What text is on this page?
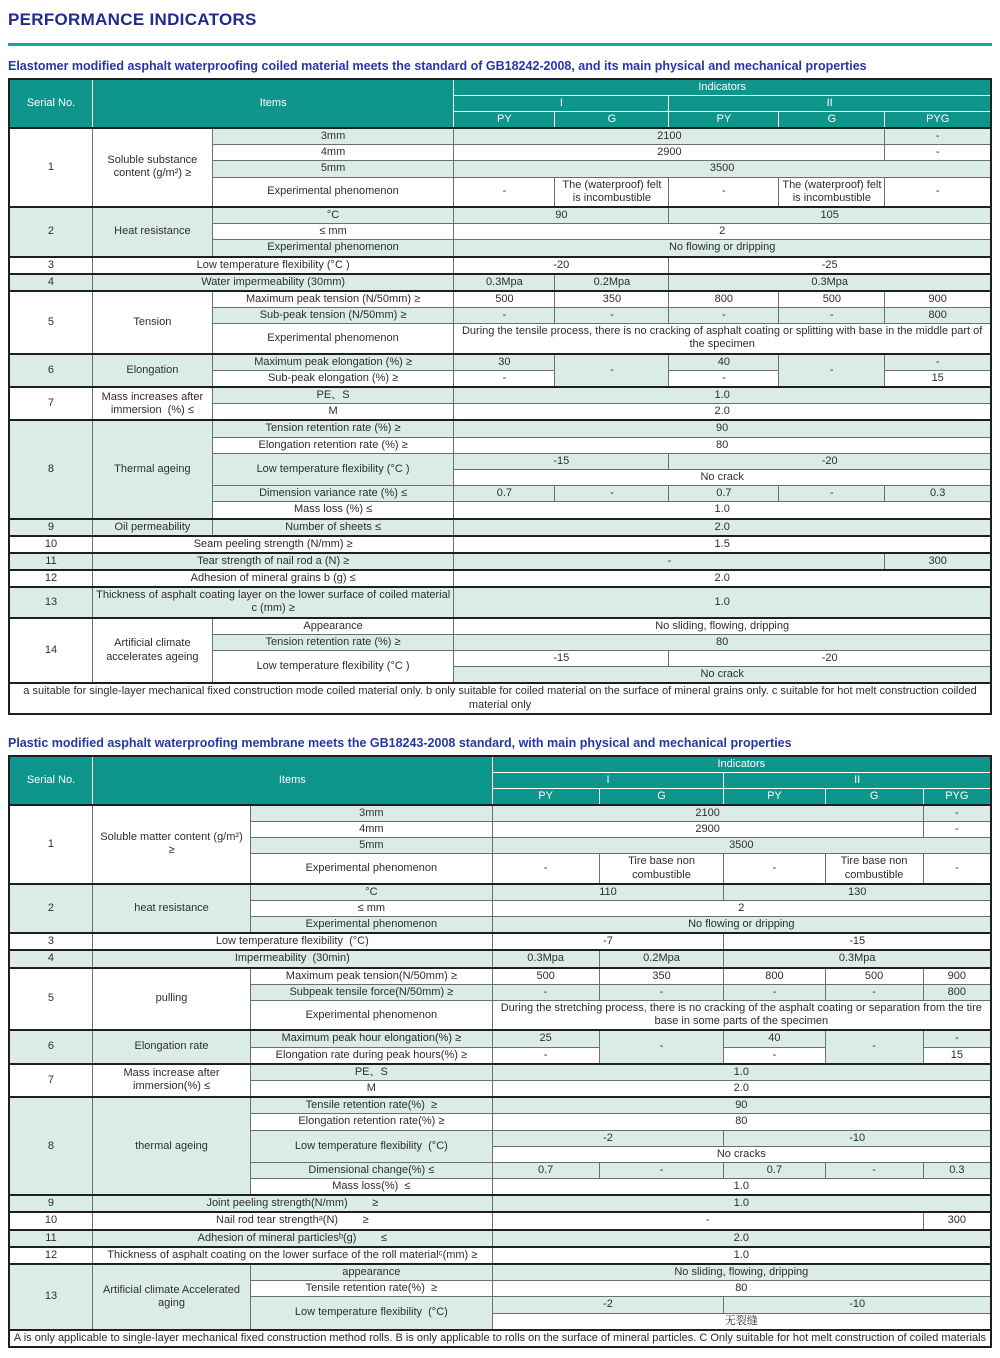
PERFORMANCE INDICATORS

Elastomer modified asphalt waterproofing coiled material meets the standard of GB18242-2008, and its main physical and mechanical properties

Serial No.	Items		Indicators				
			I		II		
			PY	G	PY	G	PYG
1	Soluble substance content (g/m²) ≥	3mm	2100				-
		4mm	2900				-
		5mm	3500				
		Experimental phenomenon	-	The (waterproof) felt is incombustible	-	The (waterproof) felt is incombustible	-
2	Heat resistance	°C	90		105		
		≤ mm	2				
		Experimental phenomenon	No flowing or dripping				
3	Low temperature flexibility (°C )		-20		-25		
4	Water impermeability (30mm)		0.3Mpa	0.2Mpa	0.3Mpa		
5	Tension	Maximum peak tension (N/50mm) ≥	500	350	800	500	900
		Sub-peak tension (N/50mm) ≥	-	-	-	-	800
		Experimental phenomenon	During the tensile process, there is no cracking of asphalt coating or splitting with base in the middle part of the specimen				
6	Elongation	Maximum peak elongation (%) ≥	30	-	40	-	-
		Sub-peak elongation (%) ≥	-		-		15
7	Mass increases after immersion  (%) ≤	PE、S	1.0				
		M	2.0				
8	Thermal ageing	Tension retention rate (%) ≥	90				
		Elongation retention rate (%) ≥	80				
		Low temperature flexibility (°C )	-15		-20		
			No crack				
		Dimension variance rate (%) ≤	0.7	-	0.7	-	0.3
		Mass loss (%) ≤	1.0				
9	Oil permeability	Number of sheets ≤	2.0				
10	Seam peeling strength (N/mm) ≥		1.5				
11	Tear strength of nail rod a (N) ≥		-				300
12	Adhesion of mineral grains b (g) ≤		2.0				
13	Thickness of asphalt coating layer on the lower surface of coiled material c (mm) ≥		1.0				
14	Artificial climate accelerates ageing	Appearance	No sliding, flowing, dripping				
		Tension retention rate (%) ≥	80				
		Low temperature flexibility (°C )	-15		-20		
			No crack				
a suitable for single-layer mechanical fixed construction mode coiled material only. b only suitable for coiled material on the surface of mineral grains only. c suitable for hot melt construction coilded material only							

Plastic modified asphalt waterproofing membrane meets the GB18243-2008 standard, with main physical and mechanical properties

Serial No.	Items		Indicators				
			I		II		
			PY	G	PY	G	PYG
1	Soluble matter content (g/m²) ≥	3mm	2100				-
		4mm	2900				-
		5mm	3500				
		Experimental phenomenon	-	Tire base non combustible	-	Tire base non combustible	-
2	heat resistance	°C	110		130		
		≤ mm	2				
		Experimental phenomenon	No flowing or dripping				
3	Low temperature flexibility  (°C)		-7		-15		
4	Impermeability  (30min)		0.3Mpa	0.2Mpa	0.3Mpa		
5	pulling	Maximum peak tension(N/50mm) ≥	500	350	800	500	900
		Subpeak tensile force(N/50mm) ≥	-	-	-	-	800
		Experimental phenomenon	During the stretching process, there is no cracking of the asphalt coating or separation from the tire base in some parts of the specimen				
6	Elongation rate	Maximum peak hour elongation(%) ≥	25	-	40	-	-
		Elongation rate during peak hours(%) ≥	-		-		15
7	Mass increase after immersion(%) ≤	PE、S	1.0				
		M	2.0				
8	thermal ageing	Tensile retention rate(%)  ≥	90				
		Elongation retention rate(%) ≥	80				
		Low temperature flexibility  (°C)	-2		-10		
			No cracks				
		Dimensional change(%) ≤	0.7	-	0.7	-	0.3
		Mass loss(%)  ≤	1.0				
9	Joint peeling strength(N/mm)        ≥		1.0				
10	Nail rod tear strengthᵃ(N)        ≥		-				300
11	Adhesion of mineral particlesᵇ(g)        ≤		2.0				
12	Thickness of asphalt coating on the lower surface of the roll materialᶜ(mm) ≥		1.0				
13	Artificial climate Accelerated aging	appearance	No sliding, flowing, dripping				
		Tensile retention rate(%)  ≥	80				
		Low temperature flexibility  (°C)	-2		-10		
			无裂缝				
A is only applicable to single-layer mechanical fixed construction method rolls. B is only applicable to rolls on the surface of mineral particles. C Only suitable for hot melt construction of coiled materials							
